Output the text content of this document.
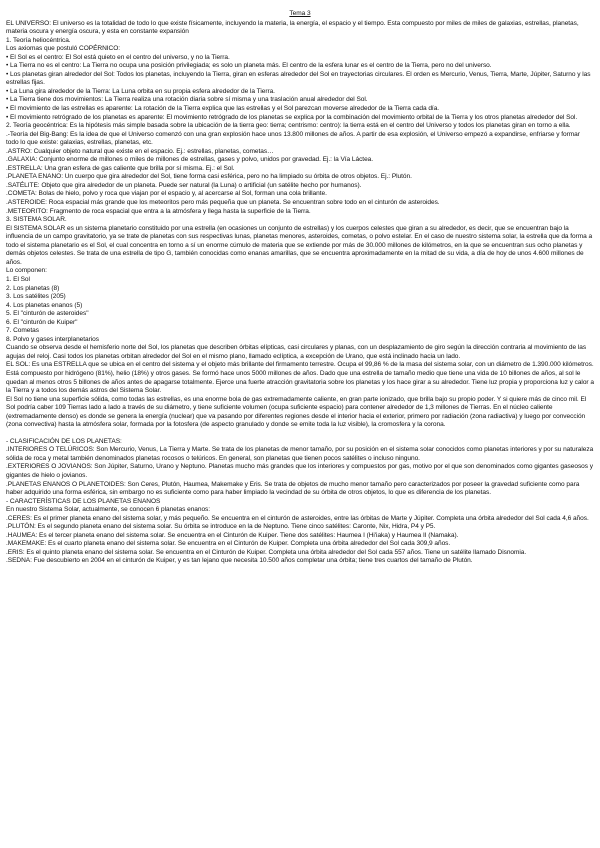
Tema 3

EL UNIVERSO: El universo es la totalidad de todo lo que existe físicamente, incluyendo la materia, la energía, el espacio y el tiempo. Esta compuesto por miles de miles de galaxias, estrellas, planetas, materia oscura y energía oscura, y esta en constante expansión

1. Teoría heliocéntrica.

Los axiomas que postuló COPÉRNICO:

• El Sol es el centro: El Sol está quieto en el centro del universo, y no la Tierra.

• La Tierra no es el centro: La Tierra no ocupa una posición privilegiada; es solo un planeta más. El centro de la esfera lunar es el centro de la Tierra, pero no del universo.

• Los planetas giran alrededor del Sol: Todos los planetas, incluyendo la Tierra, giran en esferas alrededor del Sol en trayectorias circulares. El orden es Mercurio, Venus, Tierra, Marte, Júpiter, Saturno y las estrellas fijas.

• La Luna gira alrededor de la Tierra: La Luna orbita en su propia esfera alrededor de la Tierra.

• La Tierra tiene dos movimientos: La Tierra realiza una rotación diaria sobre sí misma y una traslación anual alrededor del Sol.

• El movimiento de las estrellas es aparente: La rotación de la Tierra explica que las estrellas y el Sol parezcan moverse alrededor de la Tierra cada día.

• El movimiento retrógrado de los planetas es aparente: El movimiento retrógrado de los planetas se explica por la combinación del movimiento orbital de la Tierra y los otros planetas alrededor del Sol.

2. Teoría geocéntrica: Es la hipótesis más simple basada sobre la ubicación de la tierra geo: tierra; centrismo: centro): la tierra está en el centro del Universo y todos los planetas giran en torno a ella.

.-Teoría del Big-Bang: Es la idea de que el Universo comenzó con una gran explosión hace unos 13.800 millones de años. A partir de esa explosión, el Universo empezó a expandirse, enfriarse y formar todo lo que existe: galaxias, estrellas, planetas, etc.

.ASTRO: Cualquier objeto natural que existe en el espacio. Ej.: estrellas, planetas, cometas…

.GALAXIA: Conjunto enorme de millones o miles de millones de estrellas, gases y polvo, unidos por gravedad. Ej.: la Vía Láctea.

.ESTRELLA: Una gran esfera de gas caliente que brilla por sí misma. Ej.: el Sol.

.PLANETA ENANO: Un cuerpo que gira alrededor del Sol, tiene forma casi esférica, pero no ha limpiado su órbita de otros objetos. Ej.: Plutón.

.SATÉLITE: Objeto que gira alrededor de un planeta. Puede ser natural (la Luna) o artificial (un satélite hecho por humanos).

.COMETA: Bolas de hielo, polvo y roca que viajan por el espacio y, al acercarse al Sol, forman una cola brillante.

.ASTEROIDE: Roca espacial más grande que los meteoritos pero más pequeña que un planeta. Se encuentran sobre todo en el cinturón de asteroides.

.METEORITO: Fragmento de roca espacial que entra a la atmósfera y llega hasta la superficie de la Tierra.

3. SISTEMA SOLAR.

El SISTEMA SOLAR es un sistema planetario constituido por una estrella (en ocasiones un conjunto de estrellas) y los cuerpos celestes que giran a su alrededor, es decir, que se encuentran bajo la influencia de un campo gravitatorio, ya se trate de planetas con sus respectivas lunas, planetas menores, asteroides, cometas, o polvo estelar. En el caso de nuestro sistema solar, la estrella que da forma a todo el sistema planetario es el Sol, el cual concentra en torno a sí un enorme cúmulo de materia que se extiende por más de 30.000 millones de kilómetros, en la que se encuentran sus ocho planetas y demás objetos celestes. Se trata de una estrella de tipo G, también conocidas como enanas amarillas, que se encuentra aproximadamente en la mitad de su vida, a día de hoy de unos 4.600 millones de años.

Lo componen:

1. El Sol

2. Los planetas (8)

3. Los satélites (205)

4. Los planetas enanos (5)

5. El "cinturón de asteroides"

6. El "cinturón de Kuiper"

7. Cometas

8. Polvo y gases interplanetarios

Cuando se observa desde el hemisferio norte del Sol, los planetas que describen órbitas elípticas, casi circulares y planas, con un desplazamiento de giro según la dirección contraria al movimiento de las agujas del reloj. Casi todos los planetas orbitan alrededor del Sol en el mismo plano, llamado eclíptica, a excepción de Urano, que está inclinado hacia un lado.

EL SOL: Es una ESTRELLA que se ubica en el centro del sistema y el objeto más brillante del firmamento terrestre. Ocupa el 99,86 % de la masa del sistema solar, con un diámetro de 1.390.000 kilómetros. Está compuesto por hidrógeno (81%), helio (18%) y otros gases. Se formó hace unos 5000 millones de años. Dado que una estrella de tamaño medio que tiene una vida de 10 billones de años, al sol le quedan al menos otros 5 billones de años antes de apagarse totalmente. Ejerce una fuerte atracción gravitatoria sobre los planetas y los hace girar a su alrededor. Tiene luz propia y proporciona luz y calor a la Tierra y a todos los demás astros del Sistema Solar.

El Sol no tiene una superficie sólida, como todas las estrellas, es una enorme bola de gas extremadamente caliente, en gran parte ionizado, que brilla bajo su propio poder. Y si quiere más de cinco mil. El Sol podría caber 109 Tierras lado a lado a través de su diámetro, y tiene suficiente volumen (ocupa suficiente espacio) para contener alrededor de 1,3 millones de Tierras. En el núcleo caliente (extremadamente denso) es donde se genera la energía (nuclear) que va pasando por diferentes regiones desde el interior hacia el exterior, primero por radiación (zona radiactiva) y luego por convección (zona convectiva) hasta la atmósfera solar, formada por la fotosfera (de aspecto granulado y donde se emite toda la luz visible), la cromosfera y la corona.

- CLASIFICACIÓN DE LOS PLANETAS:

.INTERIORES O TELÚRICOS: Son Mercurio, Venus, La Tierra y Marte. Se trata de los planetas de menor tamaño, por su posición en el sistema solar conocidos como planetas interiores y por su naturaleza sólida de roca y metal también denominados planetas rocosos o telúricos. En general, son planetas que tienen pocos satélites o incluso ninguno.

.EXTERIORES O JOVIANOS: Son Júpiter, Saturno, Urano y Neptuno. Planetas mucho más grandes que los interiores y compuestos por gas, motivo por el que son denominados como gigantes gaseosos y gigantes de hielo o jovianos.

.PLANETAS ENANOS O PLANETOIDES: Son Ceres, Plutón, Haumea, Makemake y Eris. Se trata de objetos de mucho menor tamaño pero caracterizados por poseer la gravedad suficiente como para haber adquirido una forma esférica, sin embargo no es suficiente como para haber limpiado la vecindad de su órbita de otros objetos, lo que es diferencia de los planetas.

- CARACTERÍSTICAS DE LOS PLANETAS ENANOS

En nuestro Sistema Solar, actualmente, se conocen 6 planetas enanos:

.CERES: Es el primer planeta enano del sistema solar, y más pequeño. Se encuentra en el cinturón de asteroides, entre las órbitas de Marte y Júpiter. Completa una órbita alrededor del Sol cada 4,6 años.

.PLUTÓN: Es el segundo planeta enano del sistema solar. Su órbita se introduce en la de Neptuno. Tiene cinco satélites: Caronte, Nix, Hidra, P4 y P5.

.HAUMEA: Es el tercer planeta enano del sistema solar. Se encuentra en el Cinturón de Kuiper. Tiene dos satélites: Haumea I (Hi'iaka) y Haumea II (Namaka).

.MAKEMAKE: Es el cuarto planeta enano del sistema solar. Se encuentra en el Cinturón de Kuiper. Completa una órbita alrededor del Sol cada 309,9 años.

.ERIS: Es el quinto planeta enano del sistema solar. Se encuentra en el Cinturón de Kuiper. Completa una órbita alrededor del Sol cada 557 años. Tiene un satélite llamado Disnomia.

.SEDNA: Fue descubierto en 2004 en el cinturón de Kuiper, y es tan lejano que necesita 10.500 años completar una órbita; tiene tres cuartos del tamaño de Plutón.
